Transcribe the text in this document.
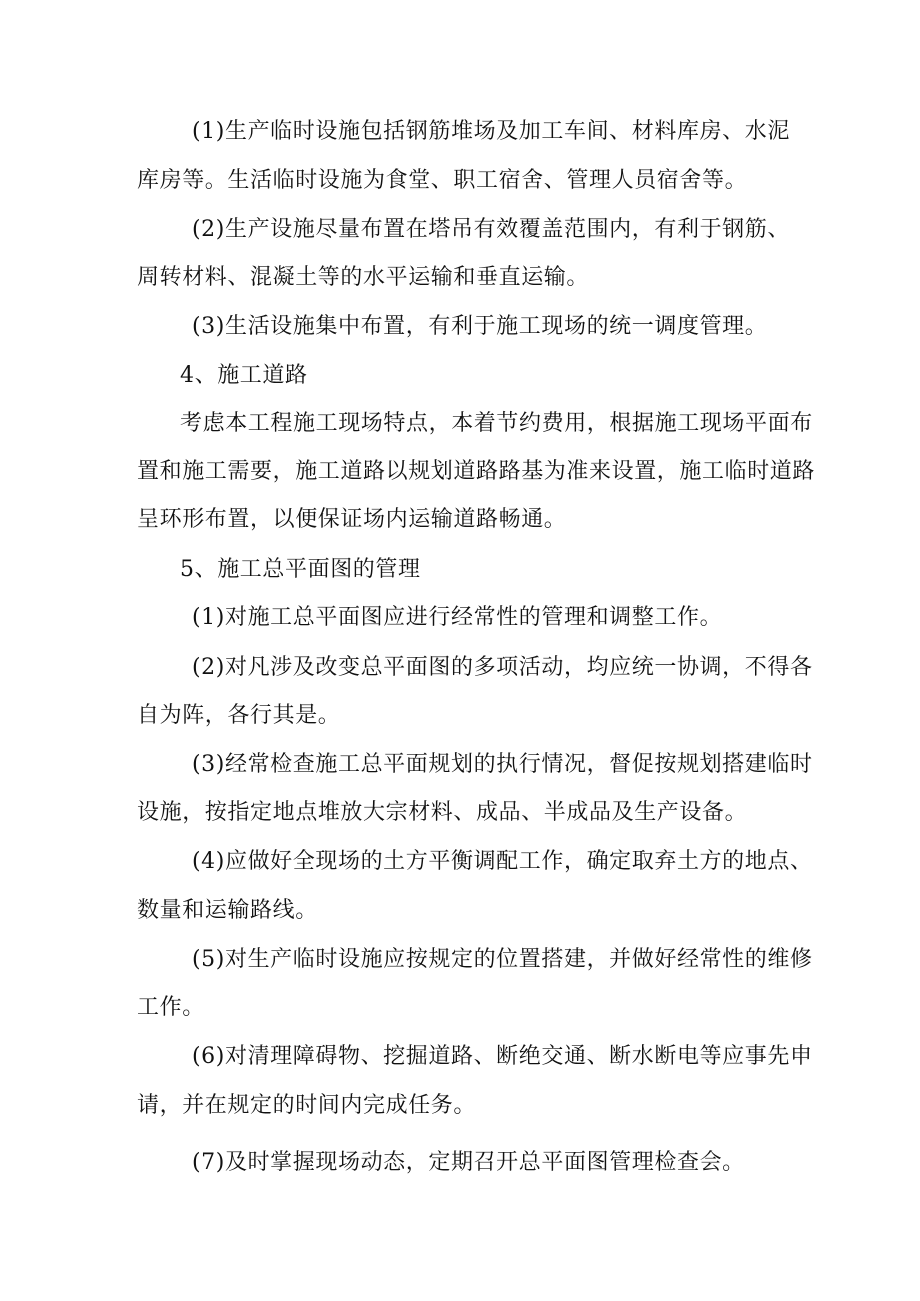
(1)生产临时设施包括钢筋堆场及加工车间、材料库房、水泥
库房等。生活临时设施为食堂、职工宿舍、管理人员宿舍等。
(2)生产设施尽量布置在塔吊有效覆盖范围内，有利于钢筋、
周转材料、混凝土等的水平运输和垂直运输。
(3)生活设施集中布置，有利于施工现场的统一调度管理。
4、施工道路
考虑本工程施工现场特点，本着节约费用，根据施工现场平面布
置和施工需要，施工道路以规划道路路基为准来设置，施工临时道路
呈环形布置，以便保证场内运输道路畅通。
5、施工总平面图的管理
(1)对施工总平面图应进行经常性的管理和调整工作。
(2)对凡涉及改变总平面图的多项活动，均应统一协调，不得各
自为阵，各行其是。
(3)经常检查施工总平面规划的执行情况，督促按规划搭建临时
设施，按指定地点堆放大宗材料、成品、半成品及生产设备。
(4)应做好全现场的土方平衡调配工作，确定取弃土方的地点、
数量和运输路线。
(5)对生产临时设施应按规定的位置搭建，并做好经常性的维修
工作。
(6)对清理障碍物、挖掘道路、断绝交通、断水断电等应事先申
请，并在规定的时间内完成任务。
(7)及时掌握现场动态，定期召开总平面图管理检查会。
